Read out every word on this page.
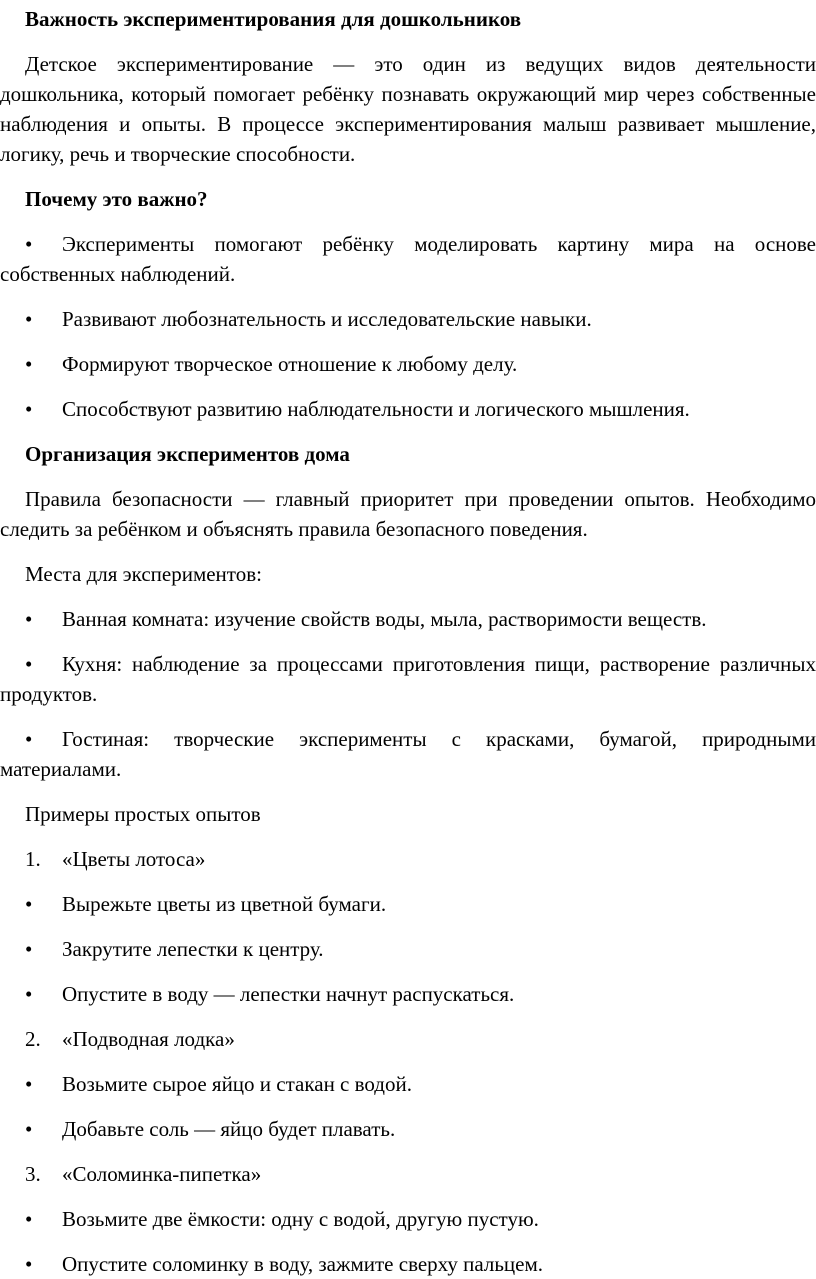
Важность экспериментирования для дошкольников
Детское экспериментирование — это один из ведущих видов деятельности дошкольника, который помогает ребёнку познавать окружающий мир через собственные наблюдения и опыты. В процессе экспериментирования малыш развивает мышление, логику, речь и творческие способности.
Почему это важно?
• Эксперименты помогают ребёнку моделировать картину мира на основе собственных наблюдений.
• Развивают любознательность и исследовательские навыки.
• Формируют творческое отношение к любому делу.
• Способствуют развитию наблюдательности и логического мышления.
Организация экспериментов дома
Правила безопасности — главный приоритет при проведении опытов. Необходимо следить за ребёнком и объяснять правила безопасного поведения.
Места для экспериментов:
• Ванная комната: изучение свойств воды, мыла, растворимости веществ.
• Кухня: наблюдение за процессами приготовления пищи, растворение различных продуктов.
• Гостиная: творческие эксперименты с красками, бумагой, природными материалами.
Примеры простых опытов
1. «Цветы лотоса»
• Вырежьте цветы из цветной бумаги.
• Закрутите лепестки к центру.
• Опустите в воду — лепестки начнут распускаться.
2. «Подводная лодка»
• Возьмите сырое яйцо и стакан с водой.
• Добавьте соль — яйцо будет плавать.
3. «Соломинка-пипетка»
• Возьмите две ёмкости: одну с водой, другую пустую.
• Опустите соломинку в воду, зажмите сверху пальцем.
